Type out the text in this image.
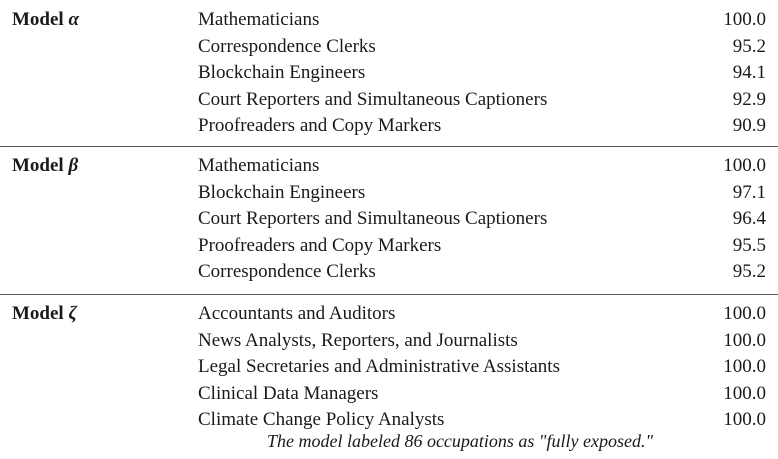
Model α	Mathematicians	100.0
Correspondence Clerks	95.2
Blockchain Engineers	94.1
Court Reporters and Simultaneous Captioners	92.9
Proofreaders and Copy Markers	90.9
Model β	Mathematicians	100.0
Blockchain Engineers	97.1
Court Reporters and Simultaneous Captioners	96.4
Proofreaders and Copy Markers	95.5
Correspondence Clerks	95.2
Model ζ	Accountants and Auditors	100.0
News Analysts, Reporters, and Journalists	100.0
Legal Secretaries and Administrative Assistants	100.0
Clinical Data Managers	100.0
Climate Change Policy Analysts	100.0
The model labeled 86 occupations as "fully exposed."
